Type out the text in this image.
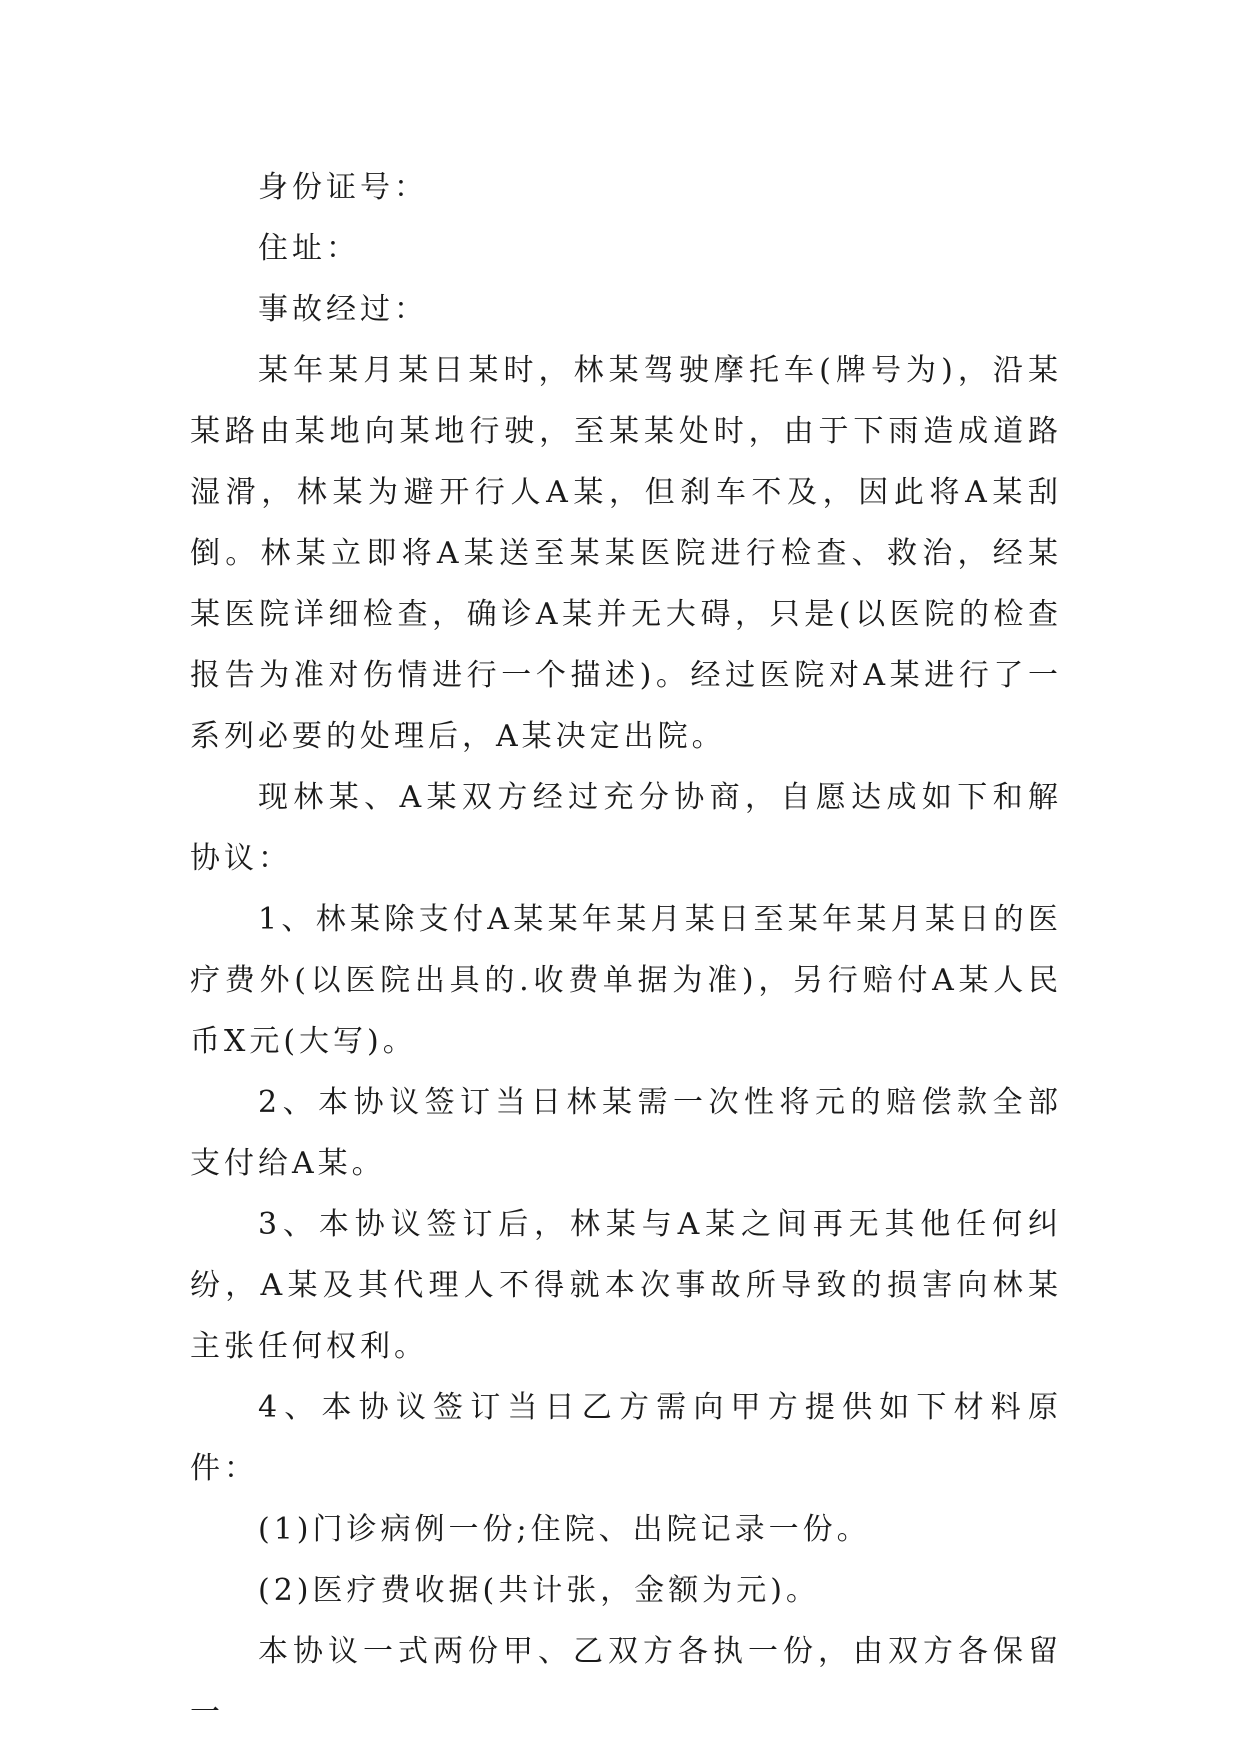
身份证号：

住址：

事故经过：

某年某月某日某时，林某驾驶摩托车(牌号为)，沿某某路由某地向某地行驶，至某某处时，由于下雨造成道路湿滑，林某为避开行人A某，但刹车不及，因此将A某刮倒。林某立即将A某送至某某医院进行检查、救治，经某某医院详细检查，确诊A某并无大碍，只是(以医院的检查报告为准对伤情进行一个描述)。经过医院对A某进行了一系列必要的处理后，A某决定出院。

现林某、A某双方经过充分协商，自愿达成如下和解协议：

1、林某除支付A某某年某月某日至某年某月某日的医疗费外(以医院出具的.收费单据为准)，另行赔付A某人民币X元(大写)。

2、本协议签订当日林某需一次性将元的赔偿款全部支付给A某。

3、本协议签订后，林某与A某之间再无其他任何纠纷，A某及其代理人不得就本次事故所导致的损害向林某主张任何权利。

4、本协议签订当日乙方需向甲方提供如下材料原件：

(1)门诊病例一份;住院、出院记录一份。

(2)医疗费收据(共计张，金额为元)。

本协议一式两份甲、乙双方各执一份，由双方各保留一
